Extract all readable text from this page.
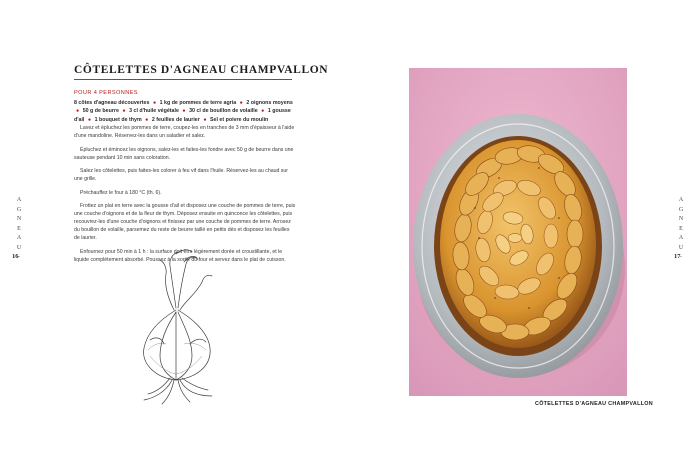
CÔTELETTES D'AGNEAU CHAMPVALLON
POUR 4 PERSONNES
8 côtes d'agneau découvertes ● 1 kg de pommes de terre agria ● 2 oignons moyens ● 50 g de beurre ● 3 cl d'huile végétale ● 30 cl de bouillon de volaille ● 1 gousse d'ail ● 1 bouquet de thym ● 2 feuilles de laurier ● Sel et poivre du moulin

Lavez et épluchez les pommes de terre, coupez-les en tranches de 3 mm d'épaisseur à l'aide d'une mandoline. Réservez-les dans un saladier et salez.

Épluchez et émincez les oignons, salez-les et faites-les fondre avec 50 g de beurre dans une sauteuse pendant 10 min sans coloration.

Salez les côtelettes, puis faites-les colorer à feu vif dans l'huile. Réservez-les au chaud sur une grille.

Préchauffez le four à 180 °C (th. 6).

Frottez un plat en terre avec la gousse d'ail et disposez une couche de pommes de terre, puis une couche d'oignons et de la fleur de thym. Déposez ensuite en quinconce les côtelettes, puis recouvrez-les d'une couche d'oignons et finissez par une couche de pommes de terre. Arrosez du bouillon de volaille, parsemez du reste de beurre taillé en petits dés et disposez les feuilles de laurier.

Enfournez pour 50 min à 1 h : la surface doit être légèrement dorée et croustillante, et le liquide complètement absorbé. Poussez à la sortie du four et servez dans le plat de cuisson.

A
G
N
E
A
U
-
16
CÔTELETTES D'AGNEAU CHAMPVALLON
A
G
N
E
A
U
-
17
